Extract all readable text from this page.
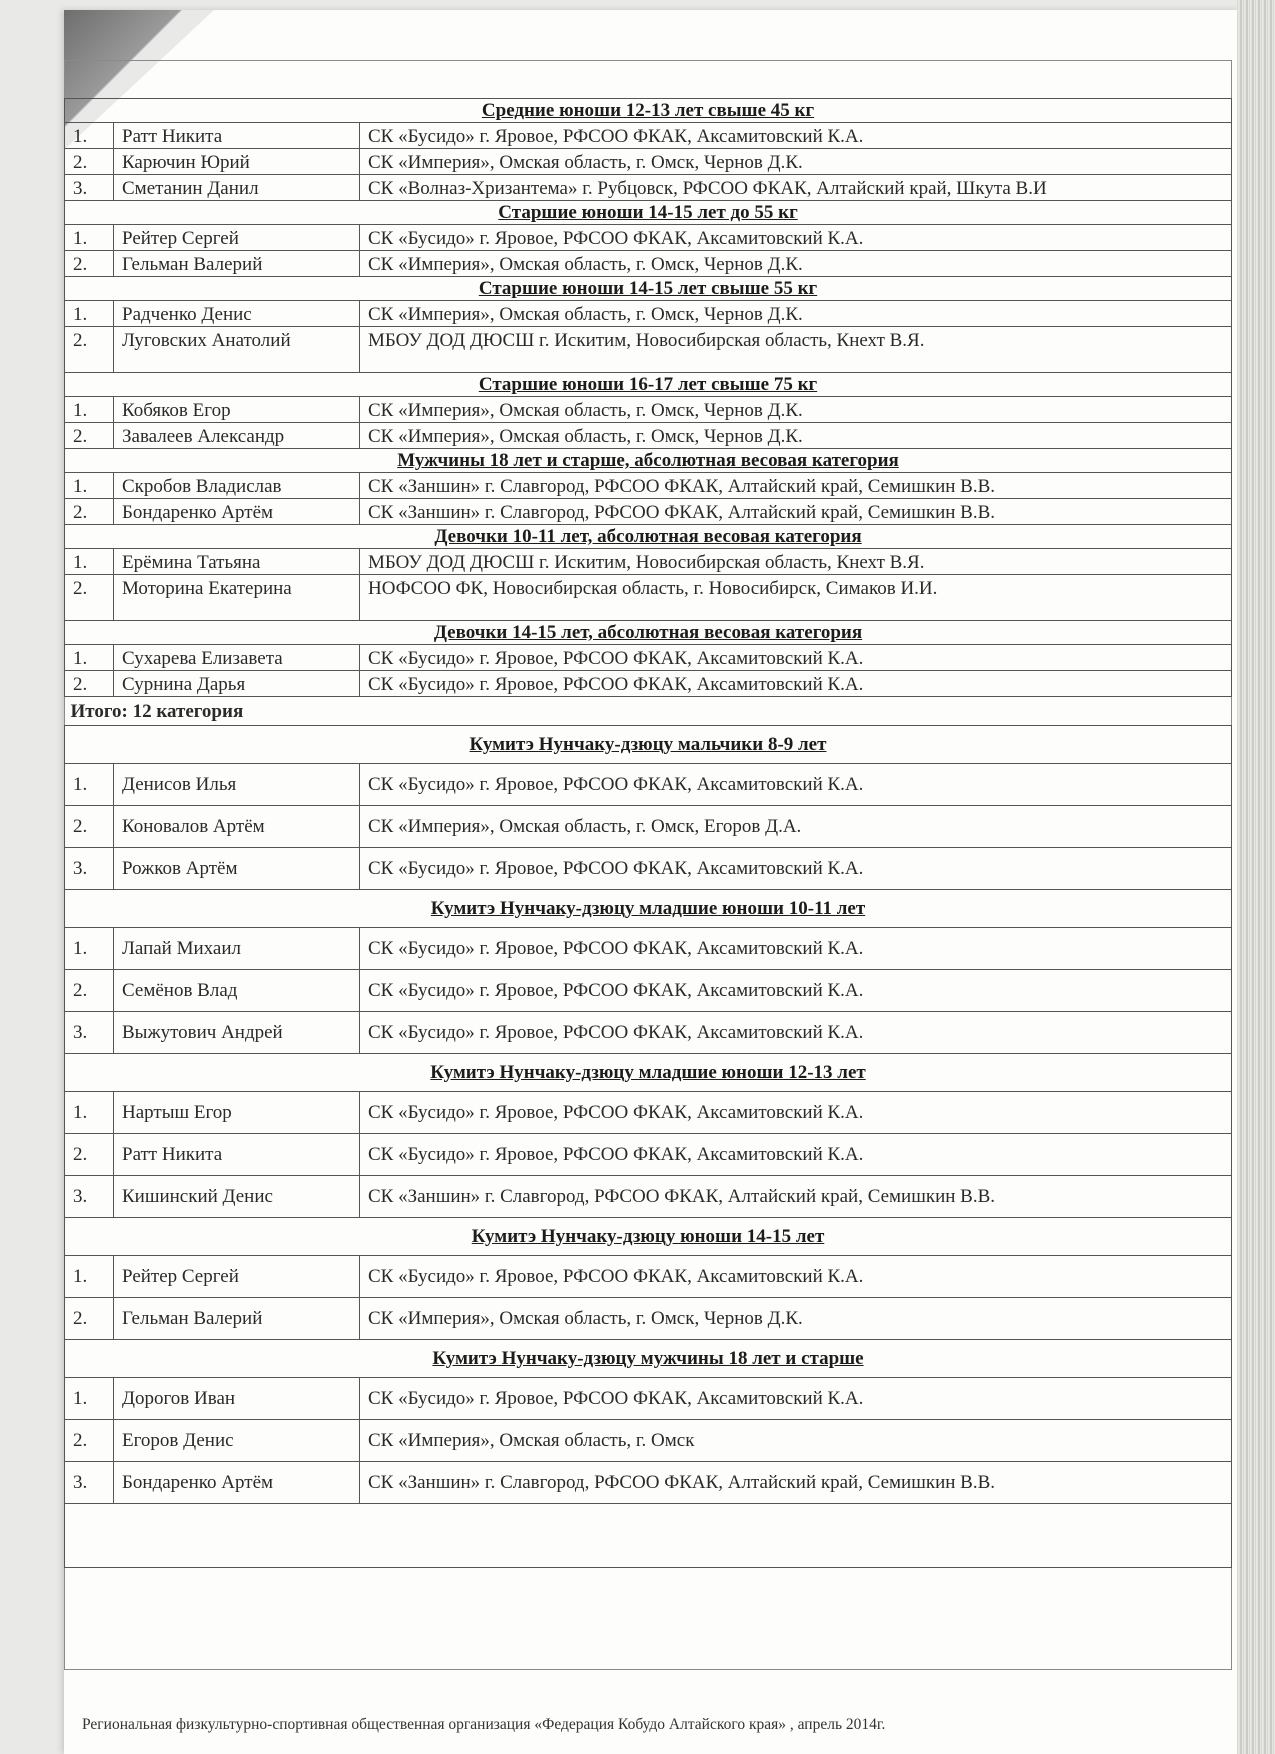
Средние юноши 12-13 лет свыше 45 кг		
1.	Ратт Никита	СК «Бусидо» г. Яровое, РФСОО ФКАК, Аксамитовский К.А.
2.	Карючин Юрий	СК «Империя», Омская область, г. Омск, Чернов Д.К.
3.	Сметанин Данил	СК «Волназ-Хризантема» г. Рубцовск, РФСОО ФКАК, Алтайский край, Шкута В.И
Старшие юноши 14-15 лет до 55 кг		
1.	Рейтер Сергей	СК «Бусидо» г. Яровое, РФСОО ФКАК, Аксамитовский К.А.
2.	Гельман Валерий	СК «Империя», Омская область, г. Омск, Чернов Д.К.
Старшие юноши 14-15 лет свыше 55 кг		
1.	Радченко Денис	СК «Империя», Омская область, г. Омск, Чернов Д.К.
2.	Луговских Анатолий	МБОУ ДОД ДЮСШ г. Искитим, Новосибирская область, Кнехт В.Я.
Старшие юноши 16-17 лет свыше 75 кг		
1.	Кобяков Егор	СК «Империя», Омская область, г. Омск, Чернов Д.К.
2.	Завалеев Александр	СК «Империя», Омская область, г. Омск, Чернов Д.К.
Мужчины 18 лет и старше, абсолютная весовая категория		
1.	Скробов Владислав	СК «Заншин» г. Славгород, РФСОО ФКАК, Алтайский край, Семишкин В.В.
2.	Бондаренко Артём	СК «Заншин» г. Славгород, РФСОО ФКАК, Алтайский край, Семишкин В.В.
Девочки 10-11 лет, абсолютная весовая категория		
1.	Ерёмина Татьяна	МБОУ ДОД ДЮСШ г. Искитим, Новосибирская область, Кнехт В.Я.
2.	Моторина Екатерина	НОФСОО ФК, Новосибирская область, г. Новосибирск, Симаков И.И.
Девочки 14-15 лет, абсолютная весовая категория		
1.	Сухарева Елизавета	СК «Бусидо» г. Яровое, РФСОО ФКАК, Аксамитовский К.А.
2.	Сурнина Дарья	СК «Бусидо» г. Яровое, РФСОО ФКАК, Аксамитовский К.А.
Итого: 12 категория		
Кумитэ Нунчаку-дзюцу мальчики 8-9 лет		
1.	Денисов Илья	СК «Бусидо» г. Яровое, РФСОО ФКАК, Аксамитовский К.А.
2.	Коновалов Артём	СК «Империя», Омская область, г. Омск, Егоров Д.А.
3.	Рожков Артём	СК «Бусидо» г. Яровое, РФСОО ФКАК, Аксамитовский К.А.
Кумитэ Нунчаку-дзюцу младшие юноши 10-11 лет		
1.	Лапай Михаил	СК «Бусидо» г. Яровое, РФСОО ФКАК, Аксамитовский К.А.
2.	Семёнов Влад	СК «Бусидо» г. Яровое, РФСОО ФКАК, Аксамитовский К.А.
3.	Выжутович Андрей	СК «Бусидо» г. Яровое, РФСОО ФКАК, Аксамитовский К.А.
Кумитэ Нунчаку-дзюцу младшие юноши 12-13 лет		
1.	Нартыш Егор	СК «Бусидо» г. Яровое, РФСОО ФКАК, Аксамитовский К.А.
2.	Ратт Никита	СК «Бусидо» г. Яровое, РФСОО ФКАК, Аксамитовский К.А.
3.	Кишинский Денис	СК «Заншин» г. Славгород, РФСОО ФКАК, Алтайский край, Семишкин В.В.
Кумитэ Нунчаку-дзюцу юноши 14-15 лет		
1.	Рейтер Сергей	СК «Бусидо» г. Яровое, РФСОО ФКАК, Аксамитовский К.А.
2.	Гельман Валерий	СК «Империя», Омская область, г. Омск, Чернов Д.К.
Кумитэ Нунчаку-дзюцу мужчины 18 лет и старше		
1.	Дорогов Иван	СК «Бусидо» г. Яровое, РФСОО ФКАК, Аксамитовский К.А.
2.	Егоров Денис	СК «Империя», Омская область, г. Омск
3.	Бондаренко Артём	СК «Заншин» г. Славгород, РФСОО ФКАК, Алтайский край, Семишкин В.В.

Региональная физкультурно-спортивная общественная организация «Федерация Кобудо Алтайского края» , апрель 2014г.
